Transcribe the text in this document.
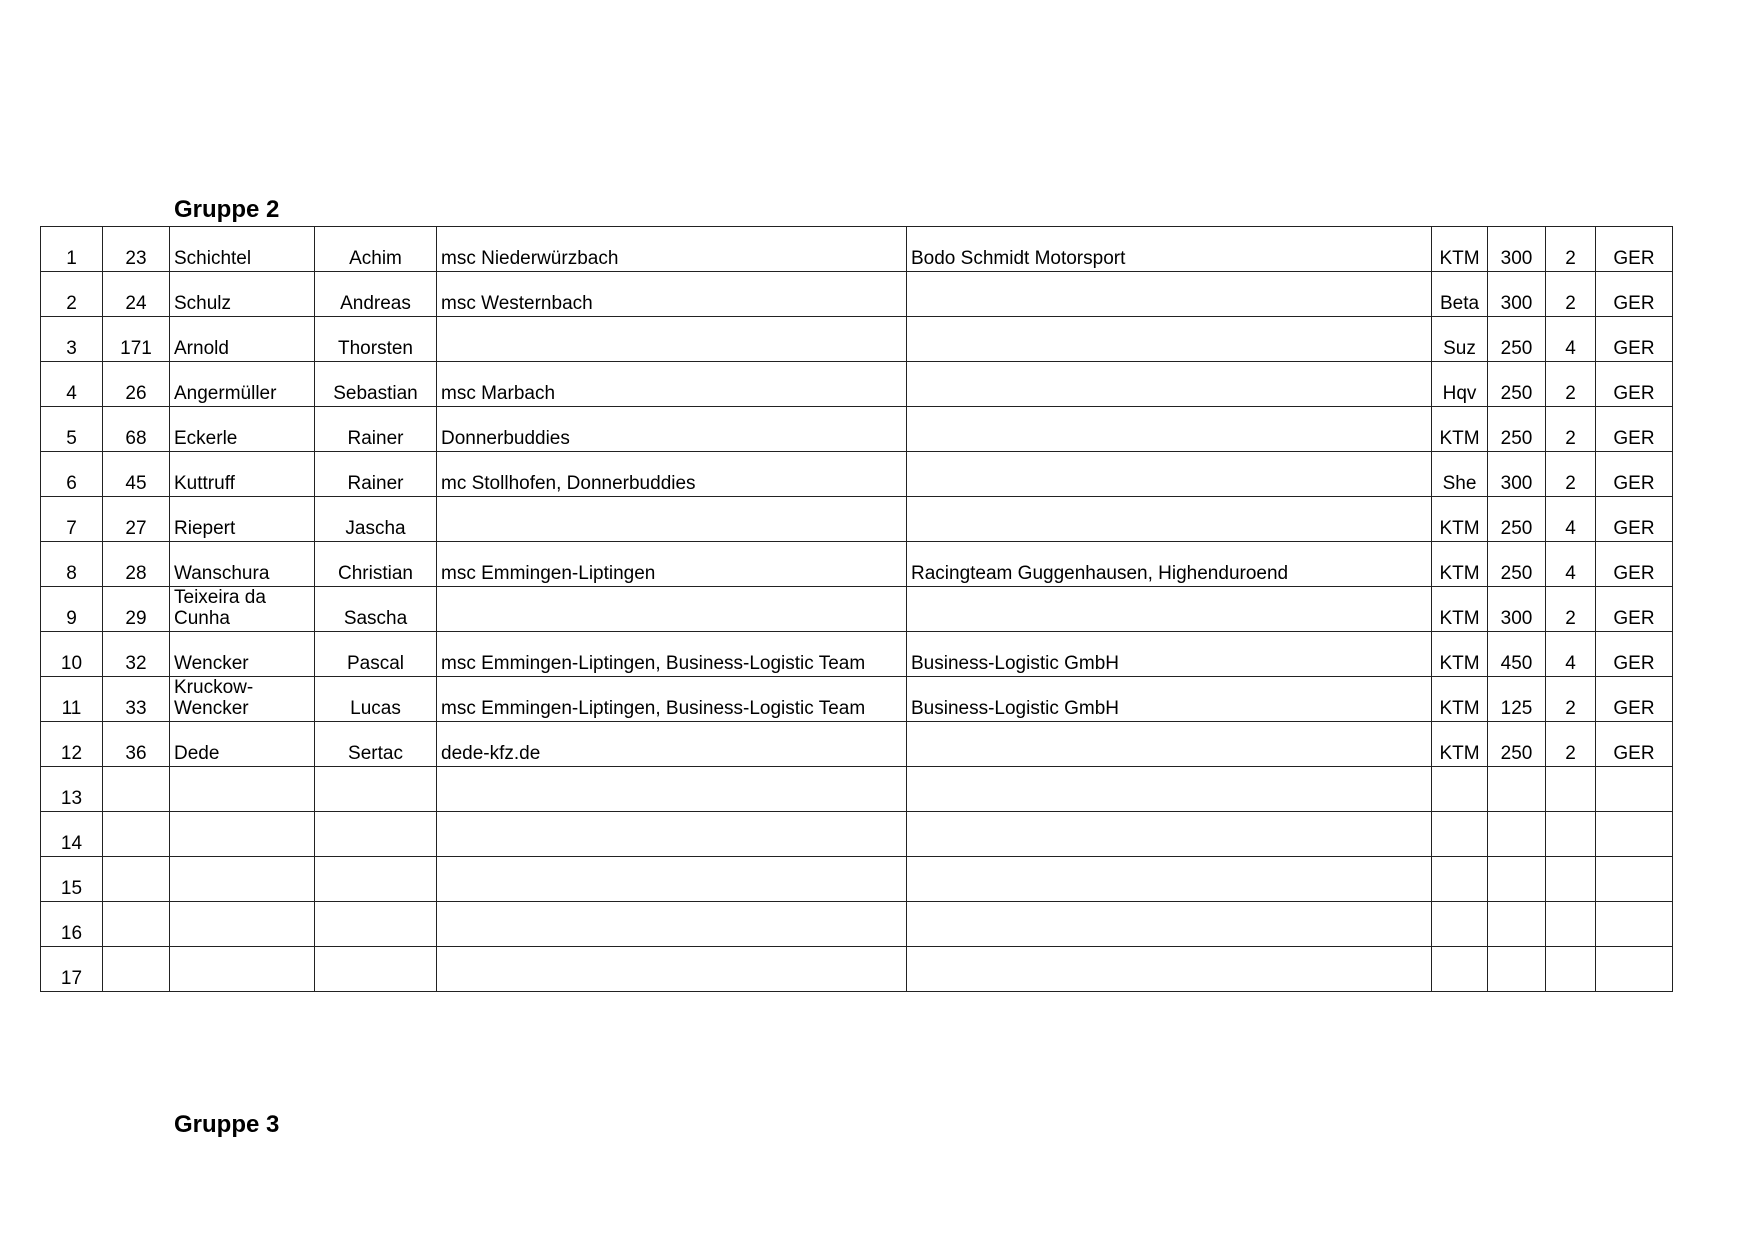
Gruppe 2
1	23	Schichtel	Achim	msc Niederwürzbach	Bodo Schmidt Motorsport	KTM	300	2	GER
2	24	Schulz	Andreas	msc Westernbach		Beta	300	2	GER
3	171	Arnold	Thorsten			Suz	250	4	GER
4	26	Angermüller	Sebastian	msc Marbach		Hqv	250	2	GER
5	68	Eckerle	Rainer	Donnerbuddies		KTM	250	2	GER
6	45	Kuttruff	Rainer	mc Stollhofen, Donnerbuddies		She	300	2	GER
7	27	Riepert	Jascha			KTM	250	4	GER
8	28	Wanschura	Christian	msc Emmingen-Liptingen	Racingteam Guggenhausen, Highenduroend	KTM	250	4	GER
9	29	Teixeira da Cunha	Sascha			KTM	300	2	GER
10	32	Wencker	Pascal	msc Emmingen-Liptingen, Business-Logistic Team	Business-Logistic GmbH	KTM	450	4	GER
11	33	Kruckow-Wencker	Lucas	msc Emmingen-Liptingen, Business-Logistic Team	Business-Logistic GmbH	KTM	125	2	GER
12	36	Dede	Sertac	dede-kfz.de		KTM	250	2	GER
13									
14									
15									
16									
17									
Gruppe 3
